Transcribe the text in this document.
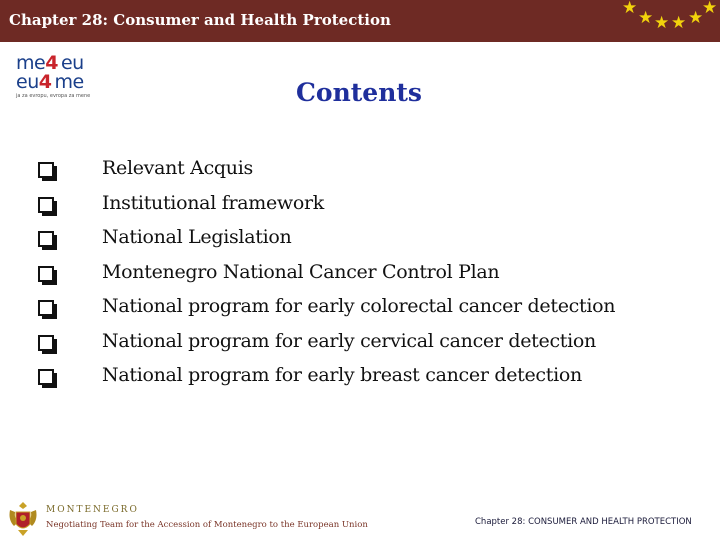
Chapter 28: Consumer and Health Protection
★ ★ ★ ★ ★
★
me4 eu
eu4 me
ja za evropu, evropa za mene	Contents
Relevant Acquis
Institutional framework
National Legislation
Montenegro National Cancer Control Plan
National program for early colorectal cancer detection
National program for early cervical cancer detection
National program for early breast cancer detection
MONTENEGRO
Negotiating Team for the Accession of Montenegro to the European Union	Chapter 28: CONSUMER AND HEALTH PROTECTION
